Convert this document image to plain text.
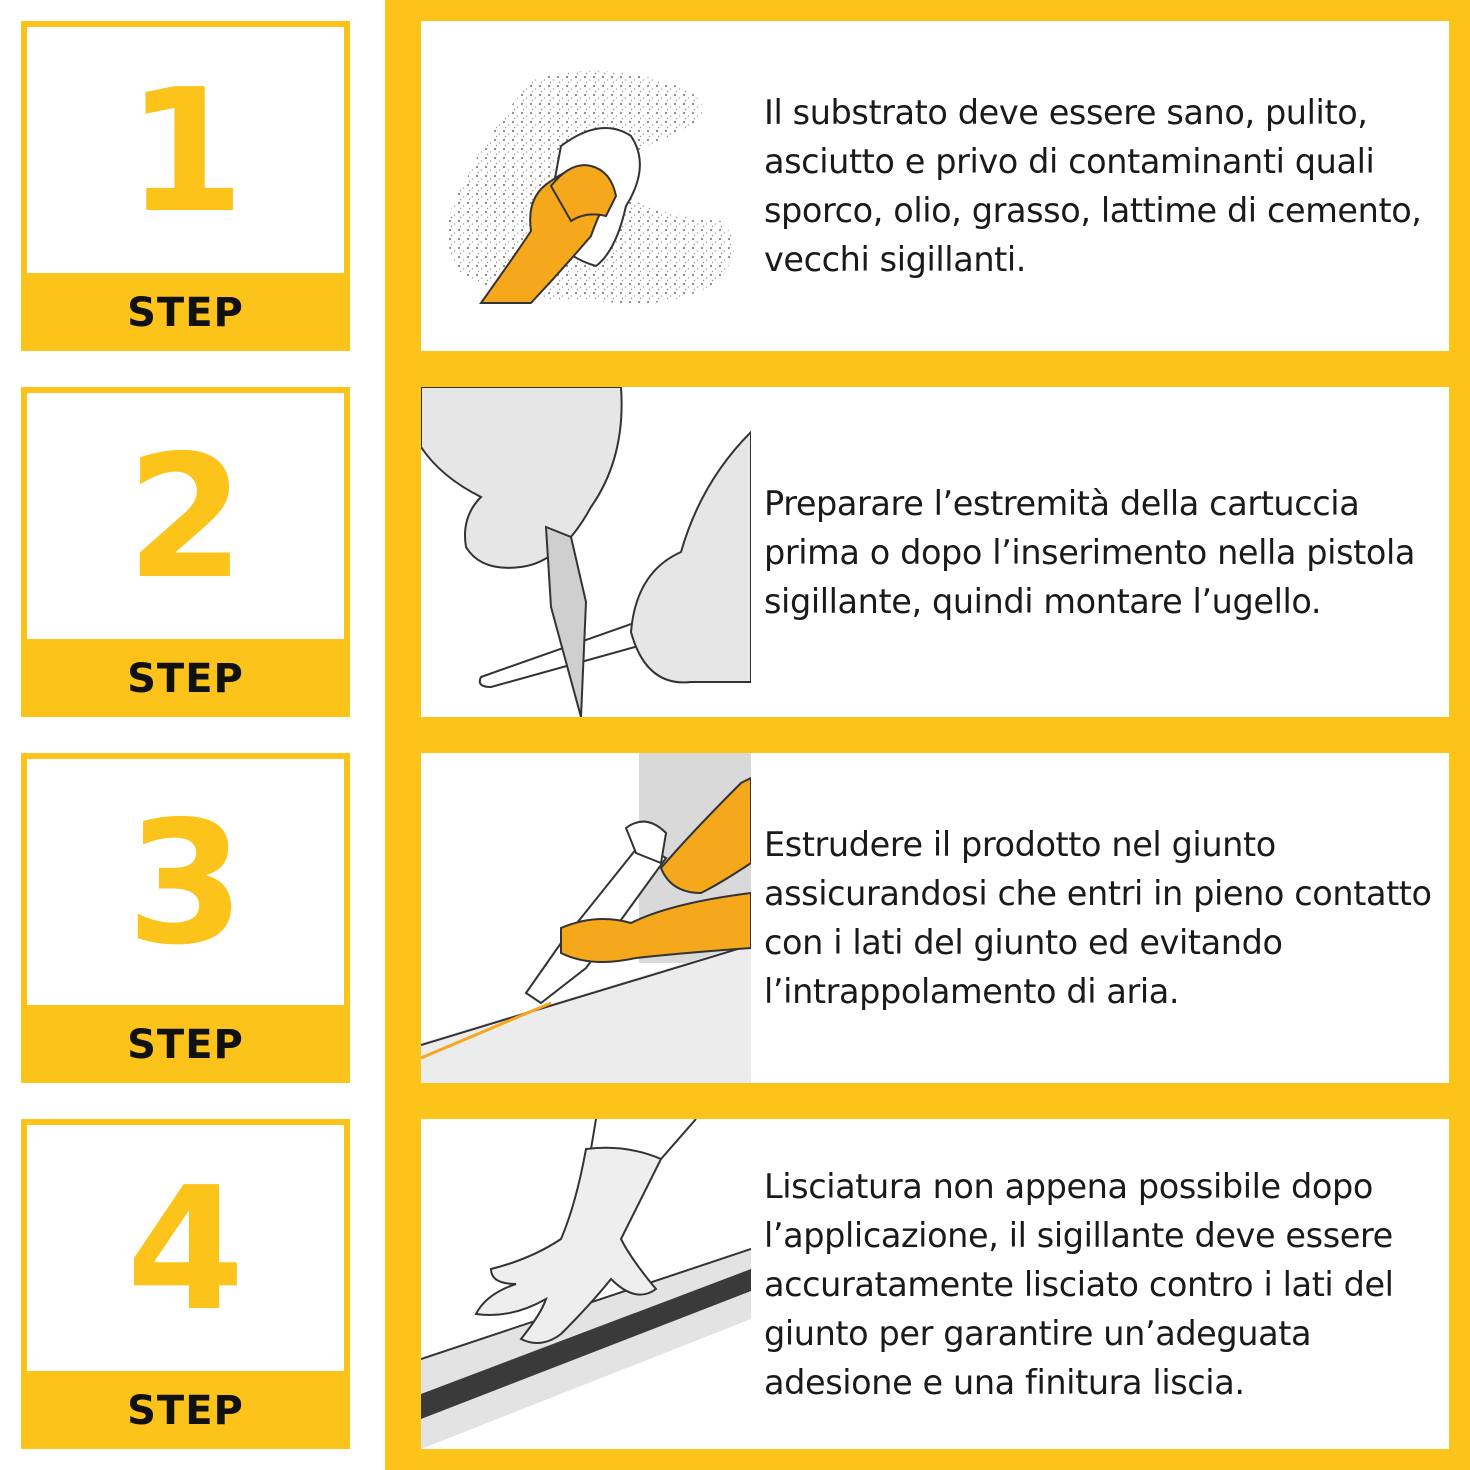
1
STEP
Il substrato deve essere sano, pulito,
asciutto e privo di contaminanti quali
sporco, olio, grasso, lattime di cemento,
vecchi sigillanti.
2
STEP
Preparare l’estremità della cartuccia
prima o dopo l’inserimento nella pistola
sigillante, quindi montare l’ugello.
3
STEP
Estrudere il prodotto nel giunto
assicurandosi che entri in pieno contatto
con i lati del giunto ed evitando
l’intrappolamento di aria.
4
STEP
Lisciatura non appena possibile dopo
l’applicazione, il sigillante deve essere
accuratamente lisciato contro i lati del
giunto per garantire un’adeguata
adesione e una finitura liscia.
